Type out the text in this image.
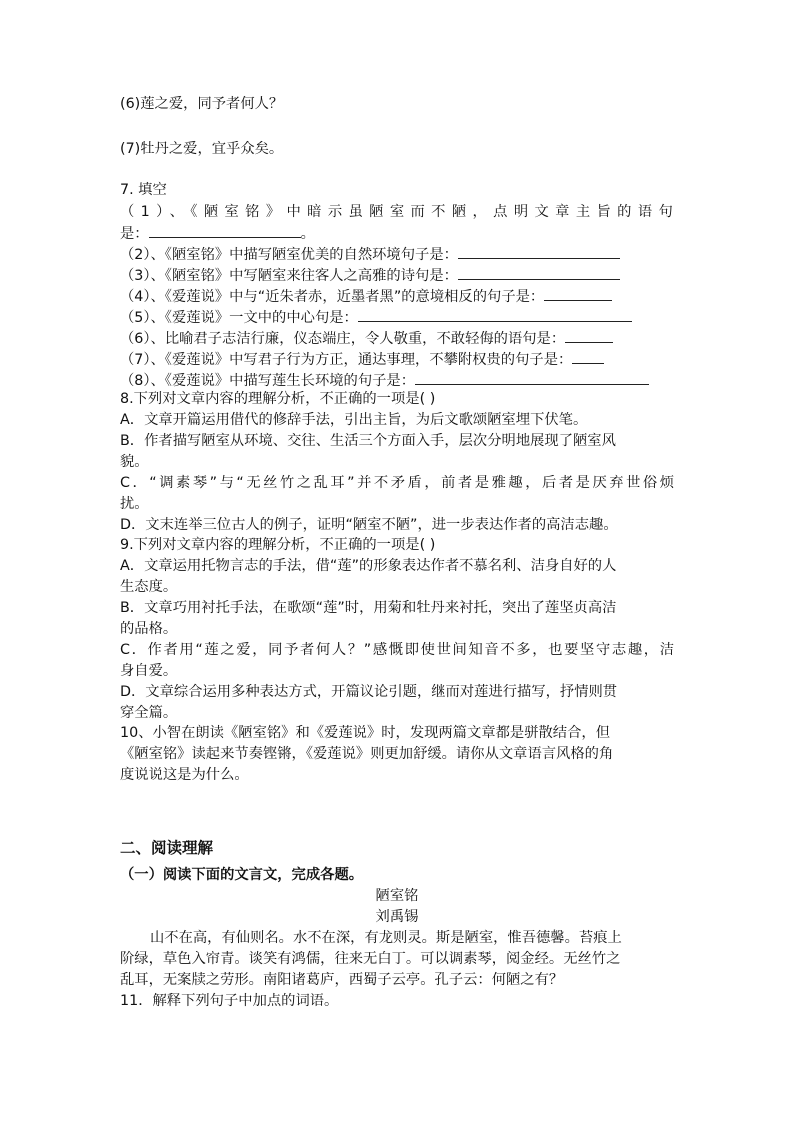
(6)莲之爱，同予者何人？
(7)牡丹之爱，宜乎众矣。
7. 填空
（1）、《陋室铭》中暗示虽陋室而不陋，点明文章主旨的语句
是：	。
（2）、《陋室铭》中描写陋室优美的自然环境句子是：
（3）、《陋室铭》中写陋室来往客人之高雅的诗句是：
（4）、《爱莲说》中与“近朱者赤，近墨者黑”的意境相反的句子是：
（5）、《爱莲说》一文中的中心句是：
（6）、比喻君子志洁行廉，仪态端庄，令人敬重，不敢轻侮的语句是：
（7）、《爱莲说》中写君子行为方正，通达事理，不攀附权贵的句子是：
（8）、《爱莲说》中描写莲生长环境的句子是：
8.下列对文章内容的理解分析，不正确的一项是( )
A．文章开篇运用借代的修辞手法，引出主旨，为后文歌颂陋室埋下伏笔。
B．作者描写陋室从环境、交往、生活三个方面入手，层次分明地展现了陋室风
貌。
C．“调素琴”与“无丝竹之乱耳”并不矛盾，前者是雅趣，后者是厌弃世俗烦
扰。
D．文末连举三位古人的例子，证明“陋室不陋”，进一步表达作者的高洁志趣。
9.下列对文章内容的理解分析，不正确的一项是( )
A．文章运用托物言志的手法，借“莲”的形象表达作者不慕名利、洁身自好的人
生态度。
B．文章巧用衬托手法，在歌颂“莲”时，用菊和牡丹来衬托，突出了莲坚贞高洁
的品格。
C．作者用“莲之爱，同予者何人？”感慨即使世间知音不多，也要坚守志趣，洁
身自爱。
D．文章综合运用多种表达方式，开篇议论引题，继而对莲进行描写，抒情则贯
穿全篇。
10、小智在朗读《陋室铭》和《爱莲说》时，发现两篇文章都是骈散结合，但
《陋室铭》读起来节奏铿锵，《爱莲说》则更加舒缓。请你从文章语言风格的角
度说说这是为什么。
二、阅读理解
（一）阅读下面的文言文，完成各题。
陋室铭
刘禹锡
山不在高，有仙则名。水不在深，有龙则灵。斯是陋室，惟吾德馨。苔痕上
阶绿，草色入帘青。谈笑有鸿儒，往来无白丁。可以调素琴，阅金经。无丝竹之
乱耳，无案牍之劳形。南阳诸葛庐，西蜀子云亭。孔子云：何陋之有？
11．解释下列句子中加点的词语。
